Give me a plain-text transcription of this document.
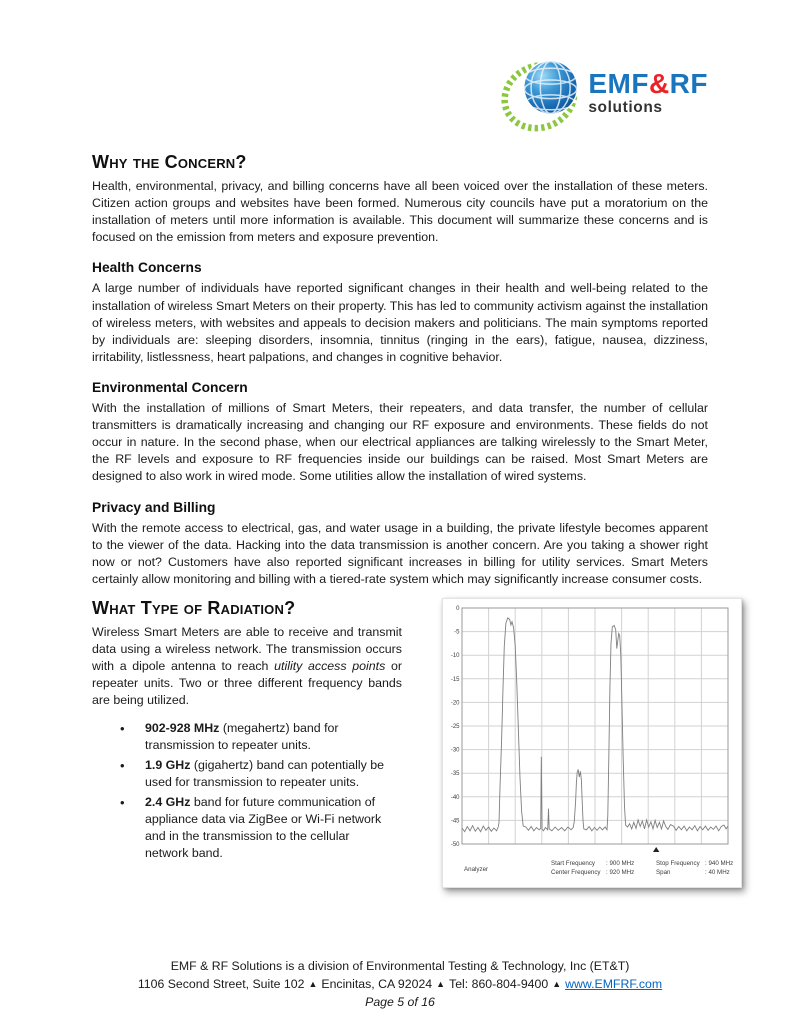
EMF&RF
solutions
Why the Concern?

Health, environmental, privacy, and billing concerns have all been voiced over the installation of these meters. Citizen action groups and websites have been formed. Numerous city councils have put a moratorium on the installation of meters until more information is available. This document will summarize these concerns and is focused on the emission from meters and exposure prevention.

Health Concerns

A large number of individuals have reported significant changes in their health and well-being related to the installation of wireless Smart Meters on their property. This has led to community activism against the installation of wireless meters, with websites and appeals to decision makers and politicians. The main symptoms reported by individuals are: sleeping disorders, insomnia, tinnitus (ringing in the ears), fatigue, nausea, dizziness, irritability, listlessness, heart palpations, and changes in cognitive behavior.

Environmental Concern

With the installation of millions of Smart Meters, their repeaters, and data transfer, the number of cellular transmitters is dramatically increasing and changing our RF exposure and environments. These fields do not occur in nature. In the second phase, when our electrical appliances are talking wirelessly to the Smart Meter, the RF levels and exposure to RF frequencies inside our buildings can be raised. Most Smart Meters are designed to also work in wired mode. Some utilities allow the installation of wired systems.

Privacy and Billing

With the remote access to electrical, gas, and water usage in a building, the private lifestyle becomes apparent to the viewer of the data. Hacking into the data transmission is another concern. Are you taking a shower right now or not? Customers have also reported significant increases in billing for utility services. Smart Meters certainly allow monitoring and billing with a tiered-rate system which may significantly increase consumer costs.

What Type of Radiation?

Wireless Smart Meters are able to receive and transmit data using a wireless network. The transmission occurs with a dipole antenna to reach utility access points or repeater units. Two or three different frequency bands are being utilized.

• 902-928 MHz (megahertz) band for transmission to repeater units.
• 1.9 GHz (gigahertz) band can potentially be used for transmission to repeater units.
• 2.4 GHz band for future communication of appliance data via ZigBee or Wi-Fi network and in the transmission to the cellular network band.
0
-5
-10
-15
-20
-25
-30
-35
-40
-45
-50
Analyzer
Start Frequency : 900 MHz
Center Frequency : 920 MHz
Stop Frequency : 940 MHz
Span	: 40 MHz
EMF & RF Solutions is a division of Environmental Testing & Technology, Inc (ET&T)
1106 Second Street, Suite 102 ▲ Encinitas, CA 92024 ▲ Tel: 860-804-9400 ▲ www.EMFRF.com
Page 5 of 16
